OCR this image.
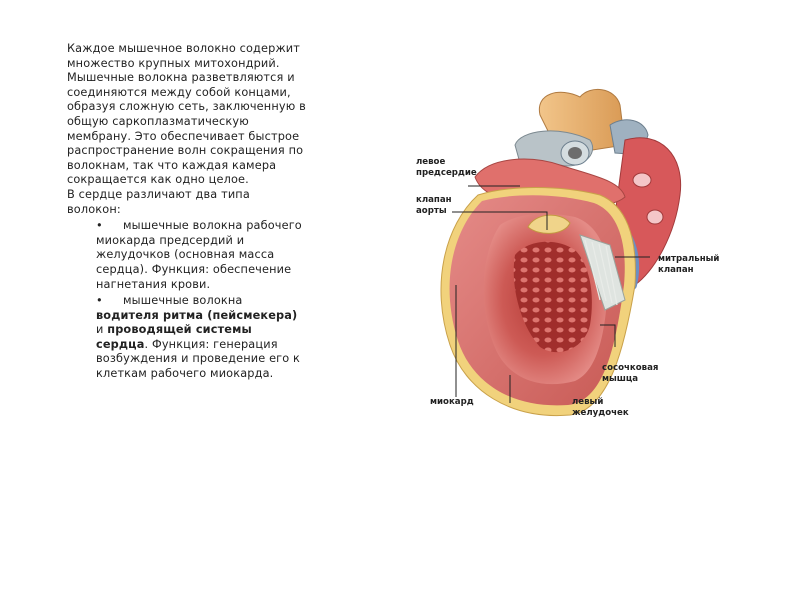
Каждое мышечное волокно содержит множество крупных митохондрий. Мышечные волокна разветвляются и соединяются между собой концами, образуя сложную сеть, заключенную в общую саркоплазматическую мембрану. Это обеспечивает быстрое распространение волн сокращения по волокнам, так что каждая камера сокращается как одно целое.

В сердце различают два типа волокон:

•	мышечные волокна рабочего миокарда предсердий и желудочков (основная масса сердца). Функция: обеспечение нагнетания крови.
•	мышечные волокна водителя ритма (пейсмекера) и проводящей системы сердца. Функция: генерация возбуждения и проведение его к клеткам рабочего миокарда.
левое
предсердие
клапан
аорты
митральный
клапан
сосочковая
мышца
миокард	левый
желудочек
